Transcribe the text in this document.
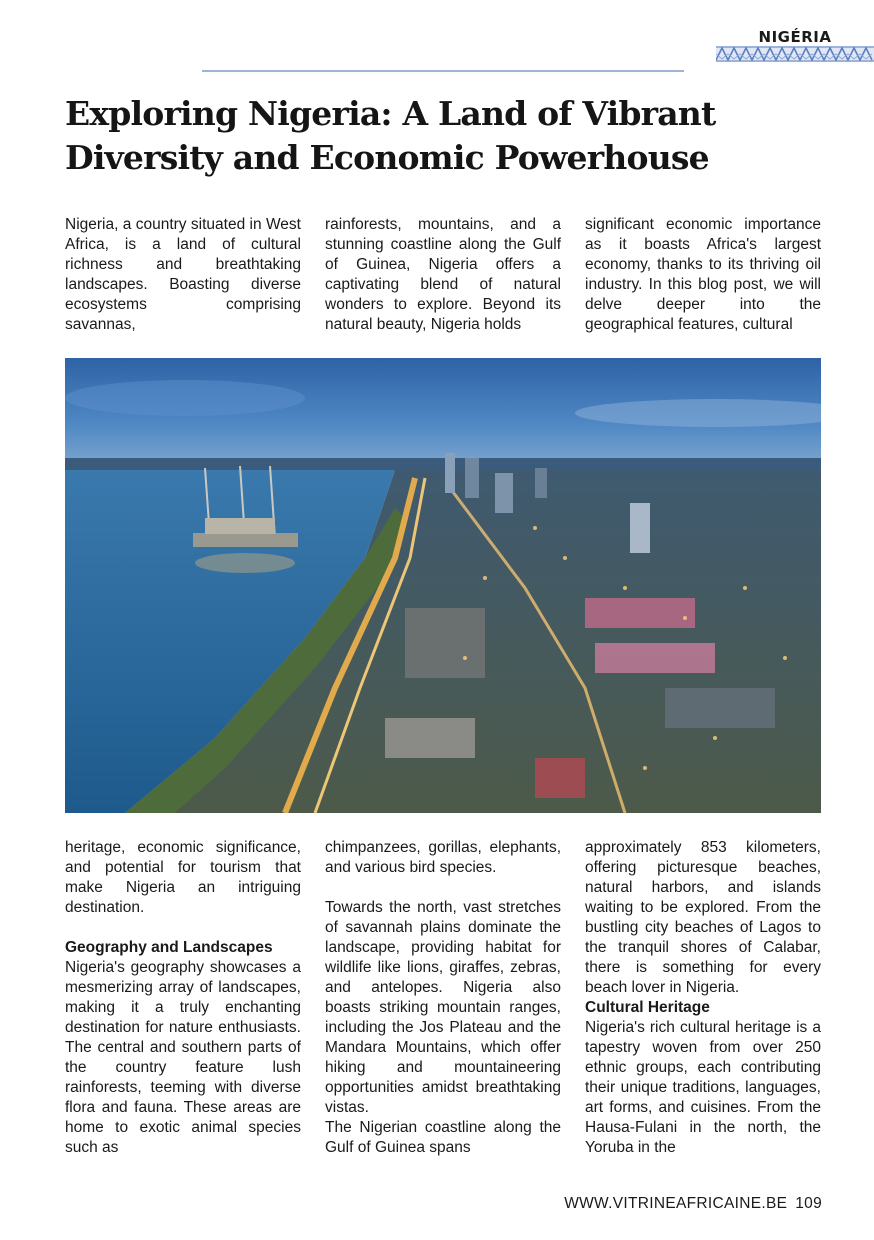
NIGÉRIA
Exploring Nigeria: A Land of Vibrant Diversity and Economic Powerhouse

Nigeria, a country situated in West Africa, is a land of cultural richness and breathtaking landscapes. Boasting diverse ecosystems comprising savannas,

rainforests, mountains, and a stunning coastline along the Gulf of Guinea, Nigeria offers a captivating blend of natural wonders to explore. Beyond its natural beauty, Nigeria holds

significant economic importance as it boasts Africa's largest economy, thanks to its thriving oil industry. In this blog post, we will delve deeper into the geographical features, cultural

heritage, economic significance, and potential for tourism that make Nigeria an intriguing destination.

Geography and Landscapes

Nigeria's geography showcases a mesmerizing array of landscapes, making it a truly enchanting destination for nature enthusiasts. The central and southern parts of the country feature lush rainforests, teeming with diverse flora and fauna. These areas are home to exotic animal species such as

chimpanzees, gorillas, elephants, and various bird species.

Towards the north, vast stretches of savannah plains dominate the landscape, providing habitat for wildlife like lions, giraffes, zebras, and antelopes. Nigeria also boasts striking mountain ranges, including the Jos Plateau and the Mandara Mountains, which offer hiking and mountaineering opportunities amidst breathtaking vistas.

The Nigerian coastline along the Gulf of Guinea spans

approximately 853 kilometers, offering picturesque beaches, natural harbors, and islands waiting to be explored. From the bustling city beaches of Lagos to the tranquil shores of Calabar, there is something for every beach lover in Nigeria.

Cultural Heritage

Nigeria's rich cultural heritage is a tapestry woven from over 250 ethnic groups, each contributing their unique traditions, languages, art forms, and cuisines. From the Hausa-Fulani in the north, the Yoruba in the

WWW.VITRINEAFRICAINE.BE 109
